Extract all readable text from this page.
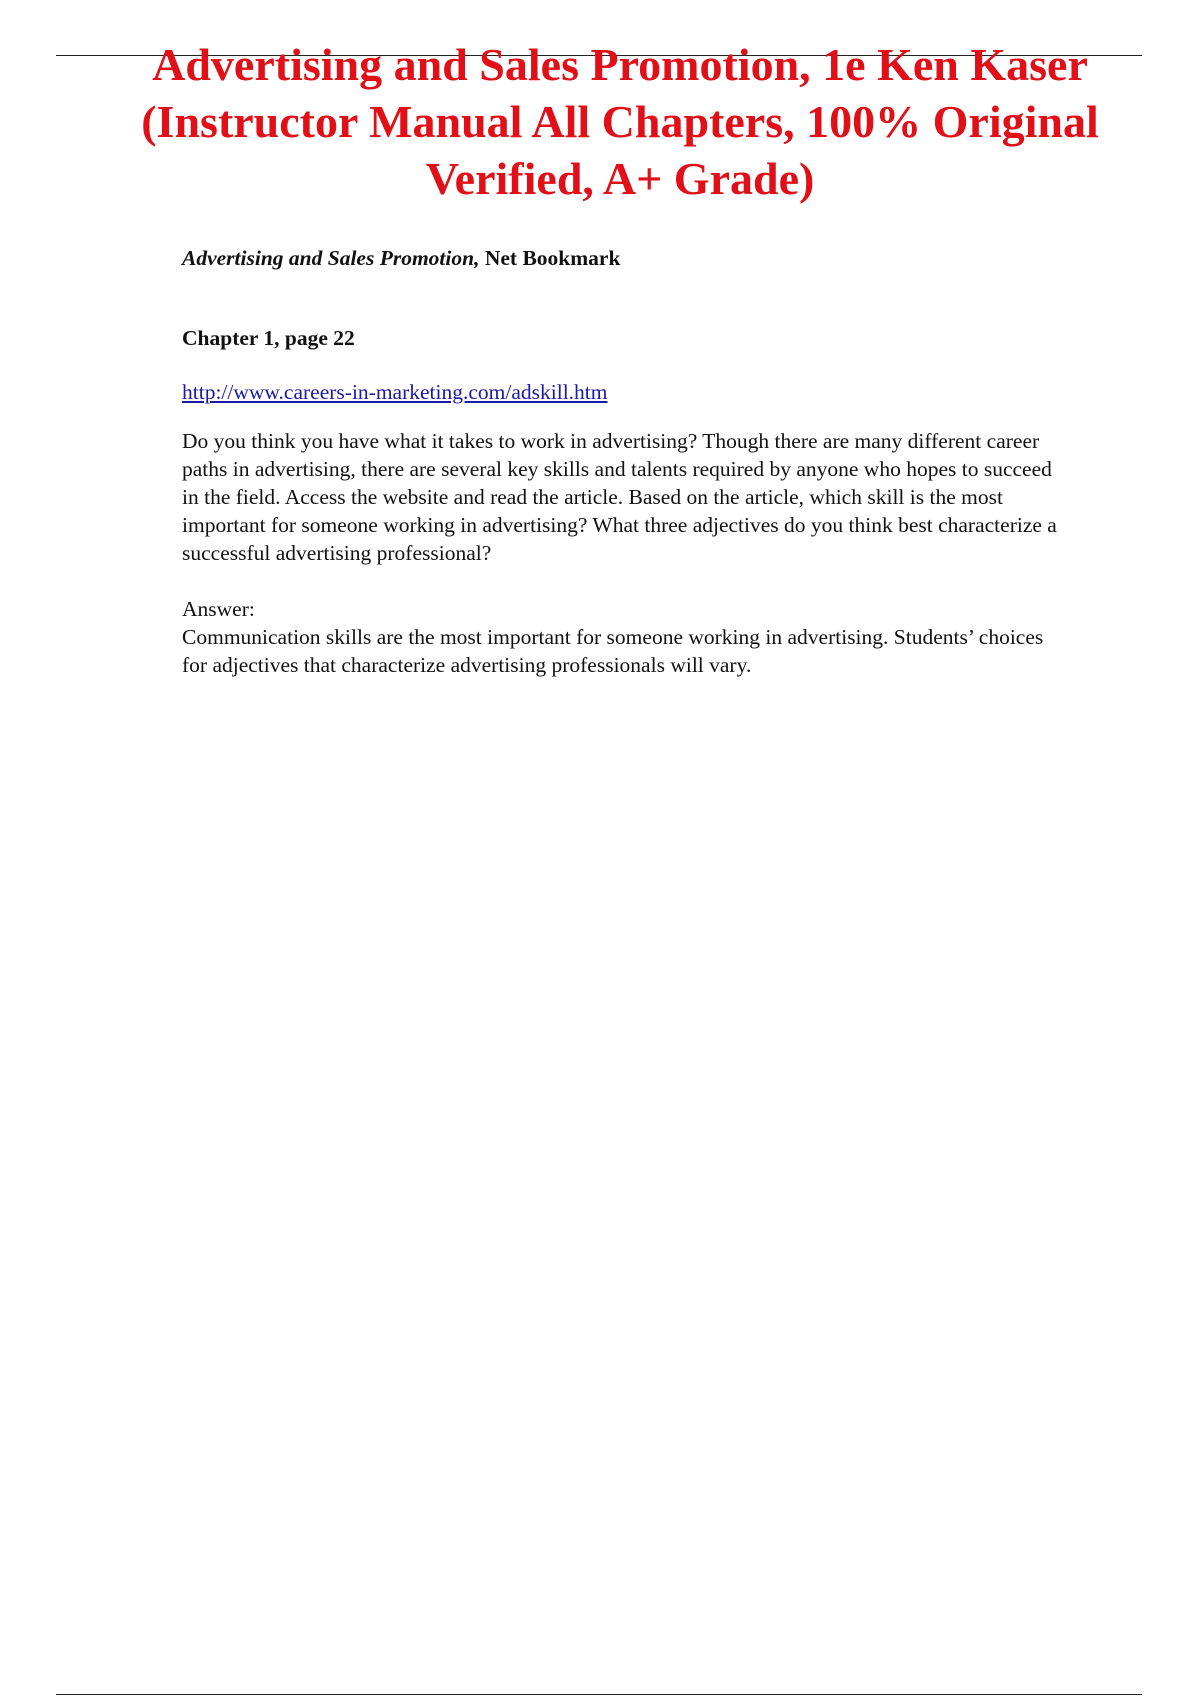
Advertising and Sales Promotion, 1e Ken Kaser
(Instructor Manual All Chapters, 100% Original
Verified, A+ Grade)

Advertising and Sales Promotion, Net Bookmark

Chapter 1, page 22

http://www.careers-in-marketing.com/adskill.htm

Do you think you have what it takes to work in advertising? Though there are many different career paths in advertising, there are several key skills and talents required by anyone who hopes to succeed in the field. Access the website and read the article. Based on the article, which skill is the most important for someone working in advertising? What three adjectives do you think best characterize a successful advertising professional?

Answer:

Communication skills are the most important for someone working in advertising. Students’ choices for adjectives that characterize advertising professionals will vary.
